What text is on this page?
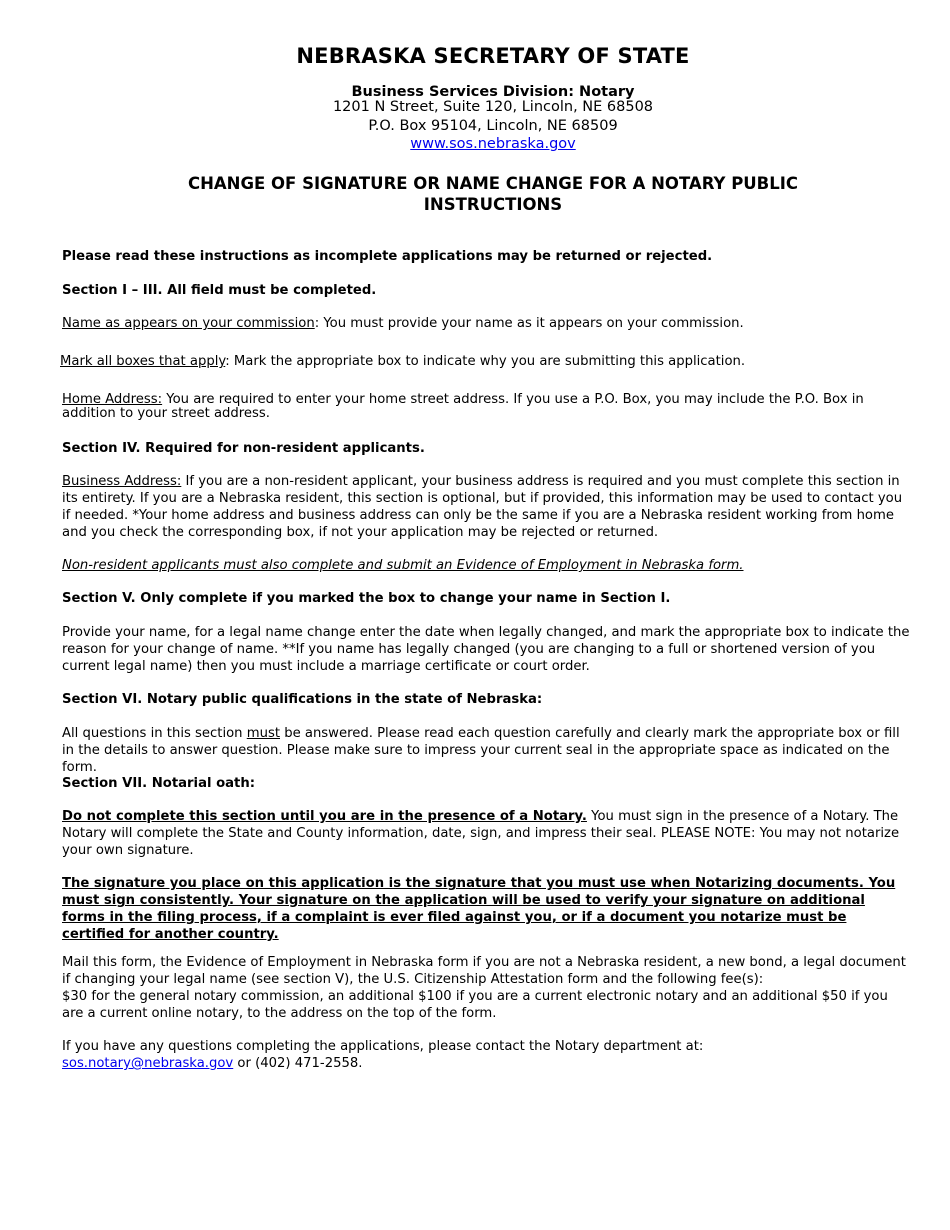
NEBRASKA SECRETARY OF STATE
Business Services Division: Notary
1201 N Street, Suite 120, Lincoln, NE 68508
P.O. Box 95104, Lincoln, NE 68509
www.sos.nebraska.gov
CHANGE OF SIGNATURE OR NAME CHANGE FOR A NOTARY PUBLIC
INSTRUCTIONS
Please read these instructions as incomplete applications may be returned or rejected.
Section I – III. All field must be completed.
Name as appears on your commission: You must provide your name as it appears on your commission.
Mark all boxes that apply: Mark the appropriate box to indicate why you are submitting this application.
Home Address: You are required to enter your home street address. If you use a P.O. Box, you may include the P.O. Box in addition to your street address.
Section IV. Required for non-resident applicants.
Business Address: If you are a non-resident applicant, your business address is required and you must complete this section in its entirety. If you are a Nebraska resident, this section is optional, but if provided, this information may be used to contact you if needed. *Your home address and business address can only be the same if you are a Nebraska resident working from home and you check the corresponding box, if not your application may be rejected or returned.
Non-resident applicants must also complete and submit an Evidence of Employment in Nebraska form.
Section V. Only complete if you marked the box to change your name in Section I.
Provide your name, for a legal name change enter the date when legally changed, and mark the appropriate box to indicate the reason for your change of name. **If you name has legally changed (you are changing to a full or shortened version of you current legal name) then you must include a marriage certificate or court order.
Section VI. Notary public qualifications in the state of Nebraska:
All questions in this section must be answered. Please read each question carefully and clearly mark the appropriate box or fill in the details to answer question. Please make sure to impress your current seal in the appropriate space as indicated on the form.
Section VII. Notarial oath:
Do not complete this section until you are in the presence of a Notary. You must sign in the presence of a Notary. The Notary will complete the State and County information, date, sign, and impress their seal. PLEASE NOTE: You may not notarize your own signature.
The signature you place on this application is the signature that you must use when Notarizing documents. You must sign consistently. Your signature on the application will be used to verify your signature on additional forms in the filing process, if a complaint is ever filed against you, or if a document you notarize must be certified for another country.
Mail this form, the Evidence of Employment in Nebraska form if you are not a Nebraska resident, a new bond, a legal document if changing your legal name (see section V), the U.S. Citizenship Attestation form and the following fee(s):
$30 for the general notary commission, an additional $100 if you are a current electronic notary and an additional $50 if you are a current online notary, to the address on the top of the form.
If you have any questions completing the applications, please contact the Notary department at:
sos.notary@nebraska.gov or (402) 471-2558.
